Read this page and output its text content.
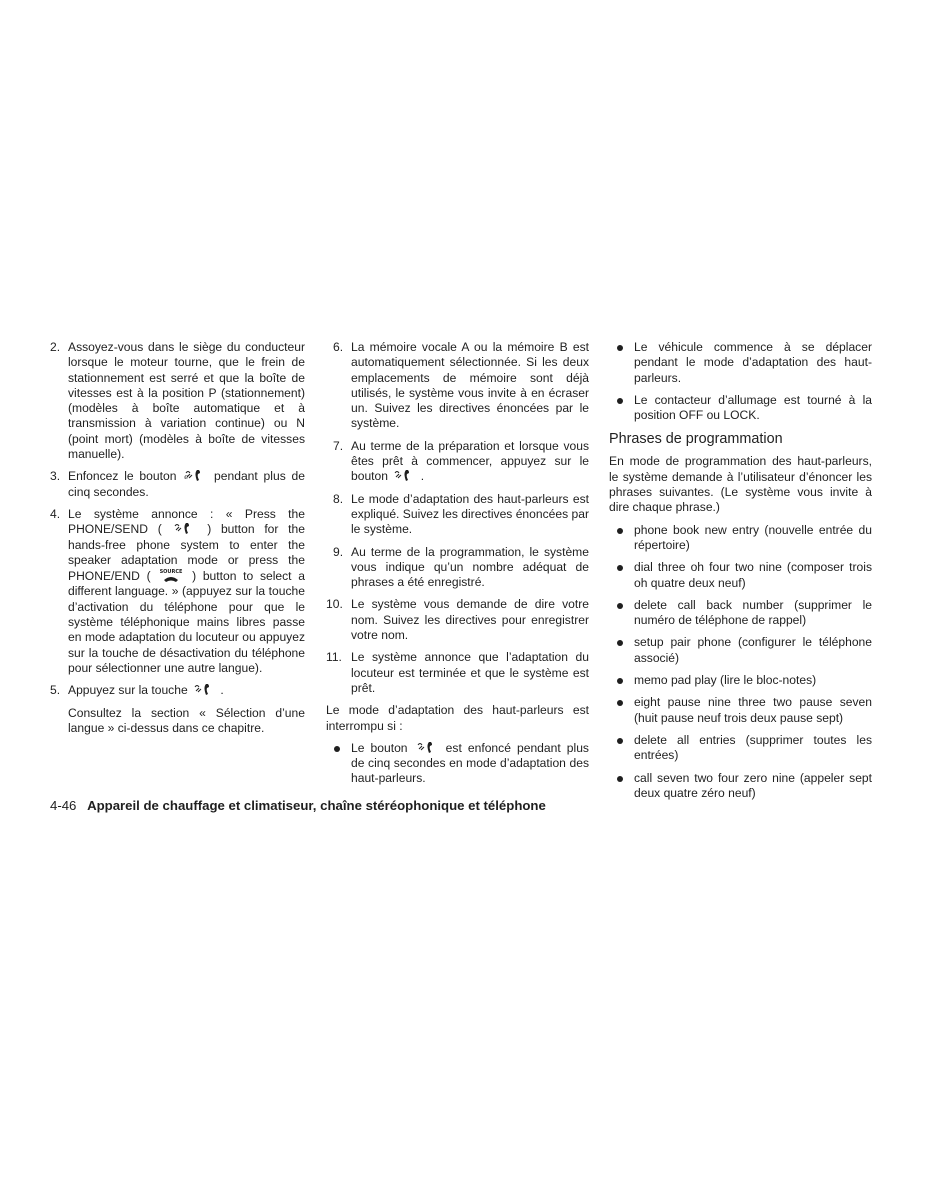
2. Assoyez-vous dans le siège du conducteur lorsque le moteur tourne, que le frein de stationnement est serré et que la boîte de vitesses est à la position P (stationnement) (modèles à boîte automatique et à transmission à variation continue) ou N (point mort) (modèles à boîte de vitesses manuelle).
3. Enfoncez le bouton ⅇ pendant plus de cinq secondes.
4. Le système annonce : « Press the PHONE/SEND (	) button for the hands-free phone system to enter the speaker adaptation mode or press the PHONE/END ( SOURCE ) button to select a different language. » (appuyez sur la touche d’activation du téléphone pour que le système téléphonique mains libres passe en mode adaptation du locuteur ou appuyez sur la touche de désactivation du téléphone pour sélectionner une autre langue).
5. Appuyez sur la touche	.
Consultez la section « Sélection d’une langue » ci-dessus dans ce chapitre.
6. La mémoire vocale A ou la mémoire B est automatiquement sélectionnée. Si les deux emplacements de mémoire sont déjà utilisés, le système vous invite à en écraser un. Suivez les directives énoncées par le système.
7. Au terme de la préparation et lorsque vous êtes prêt à commencer, appuyez sur le bouton	.
8. Le mode d’adaptation des haut-parleurs est expliqué. Suivez les directives énoncées par le système.
9. Au terme de la programmation, le système vous indique qu’un nombre adéquat de phrases a été enregistré.
10. Le système vous demande de dire votre nom. Suivez les directives pour enregistrer votre nom.
11. Le système annonce que l’adaptation du locuteur est terminée et que le système est prêt.
Le mode d’adaptation des haut-parleurs est interrompu si :
Le bouton	est enfoncé pendant plus de cinq secondes en mode d’adaptation des haut-parleurs.
Le véhicule commence à se déplacer pendant le mode d’adaptation des haut-parleurs.
Le contacteur d’allumage est tourné à la position OFF ou LOCK.
Phrases de programmation
En mode de programmation des haut-parleurs, le système demande à l’utilisateur d’énoncer les phrases suivantes. (Le système vous invite à dire chaque phrase.)
phone book new entry (nouvelle entrée du répertoire)
dial three oh four two nine (composer trois oh quatre deux neuf)
delete call back number (supprimer le numéro de téléphone de rappel)
setup pair phone (configurer le téléphone associé)
memo pad play (lire le bloc-notes)
eight pause nine three two pause seven (huit pause neuf trois deux pause sept)
delete all entries (supprimer toutes les entrées)
call seven two four zero nine (appeler sept deux quatre zéro neuf)
4-46 Appareil de chauffage et climatiseur, chaîne stéréophonique et téléphone
